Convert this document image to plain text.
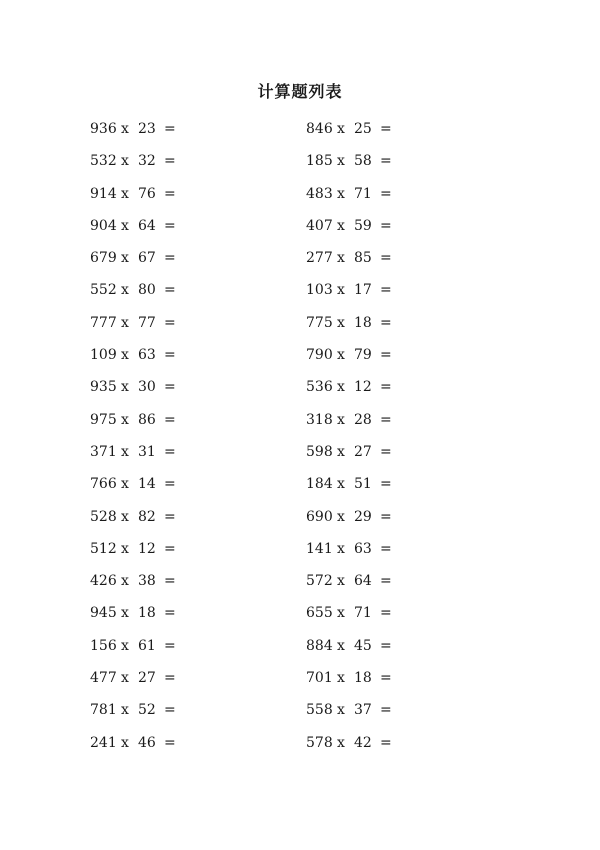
计算题列表
936 x 23 =
532 x 32 =
914 x 76 =
904 x 64 =
679 x 67 =
552 x 80 =
777 x 77 =
109 x 63 =
935 x 30 =
975 x 86 =
371 x 31 =
766 x 14 =
528 x 82 =
512 x 12 =
426 x 38 =
945 x 18 =
156 x 61 =
477 x 27 =
781 x 52 =
241 x 46 =
846 x 25 =
185 x 58 =
483 x 71 =
407 x 59 =
277 x 85 =
103 x 17 =
775 x 18 =
790 x 79 =
536 x 12 =
318 x 28 =
598 x 27 =
184 x 51 =
690 x 29 =
141 x 63 =
572 x 64 =
655 x 71 =
884 x 45 =
701 x 18 =
558 x 37 =
578 x 42 =
